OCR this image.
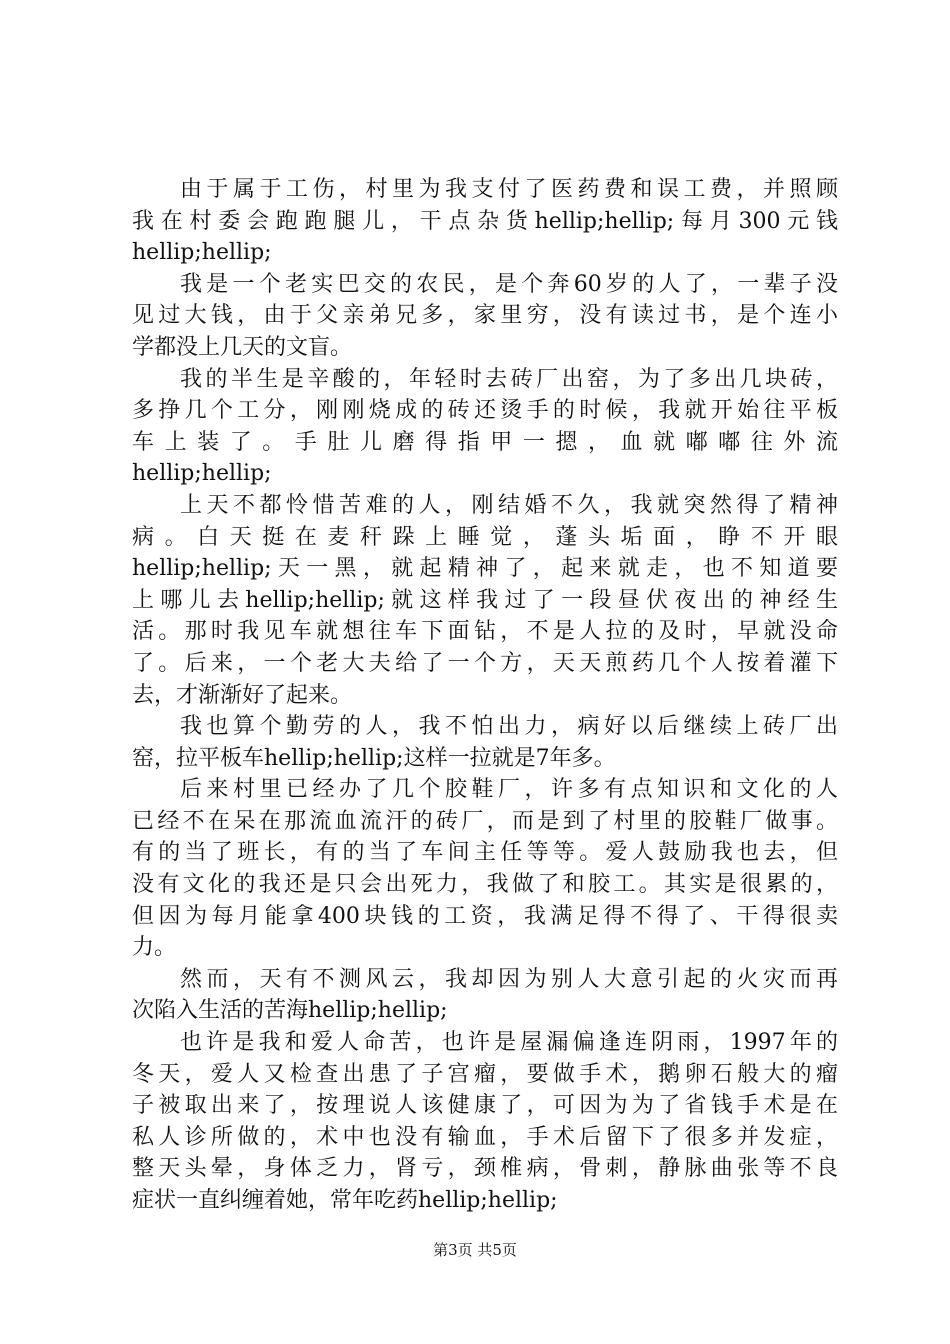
由于属于工伤，村里为我支付了医药费和误工费，并照顾
我在村委会跑跑腿儿，干点杂货hellip;hellip;每月300元钱
hellip;hellip;
我是一个老实巴交的农民，是个奔60岁的人了，一辈子没
见过大钱，由于父亲弟兄多，家里穷，没有读过书，是个连小
学都没上几天的文盲。
我的半生是辛酸的，年轻时去砖厂出窑，为了多出几块砖，
多挣几个工分，刚刚烧成的砖还烫手的时候，我就开始往平板
车上装了。手肚儿磨得指甲一摁，血就嘟嘟往外流
hellip;hellip;
上天不都怜惜苦难的人，刚结婚不久，我就突然得了精神
病。白天挺在麦秆跺上睡觉，蓬头垢面，睁不开眼
hellip;hellip;天一黑，就起精神了，起来就走，也不知道要
上哪儿去hellip;hellip;就这样我过了一段昼伏夜出的神经生
活。那时我见车就想往车下面钻，不是人拉的及时，早就没命
了。后来，一个老大夫给了一个方，天天煎药几个人按着灌下
去，才渐渐好了起来。
我也算个勤劳的人，我不怕出力，病好以后继续上砖厂出
窑，拉平板车hellip;hellip;这样一拉就是7年多。
后来村里已经办了几个胶鞋厂，许多有点知识和文化的人
已经不在呆在那流血流汗的砖厂，而是到了村里的胶鞋厂做事。
有的当了班长，有的当了车间主任等等。爱人鼓励我也去，但
没有文化的我还是只会出死力，我做了和胶工。其实是很累的，
但因为每月能拿400块钱的工资，我满足得不得了、干得很卖
力。
然而，天有不测风云，我却因为别人大意引起的火灾而再
次陷入生活的苦海hellip;hellip;
也许是我和爱人命苦，也许是屋漏偏逢连阴雨，1997年的
冬天，爱人又检查出患了子宫瘤，要做手术，鹅卵石般大的瘤
子被取出来了，按理说人该健康了，可因为为了省钱手术是在
私人诊所做的，术中也没有输血，手术后留下了很多并发症，
整天头晕，身体乏力，肾亏，颈椎病，骨刺，静脉曲张等不良
症状一直纠缠着她，常年吃药hellip;hellip;
第3页 共5页
